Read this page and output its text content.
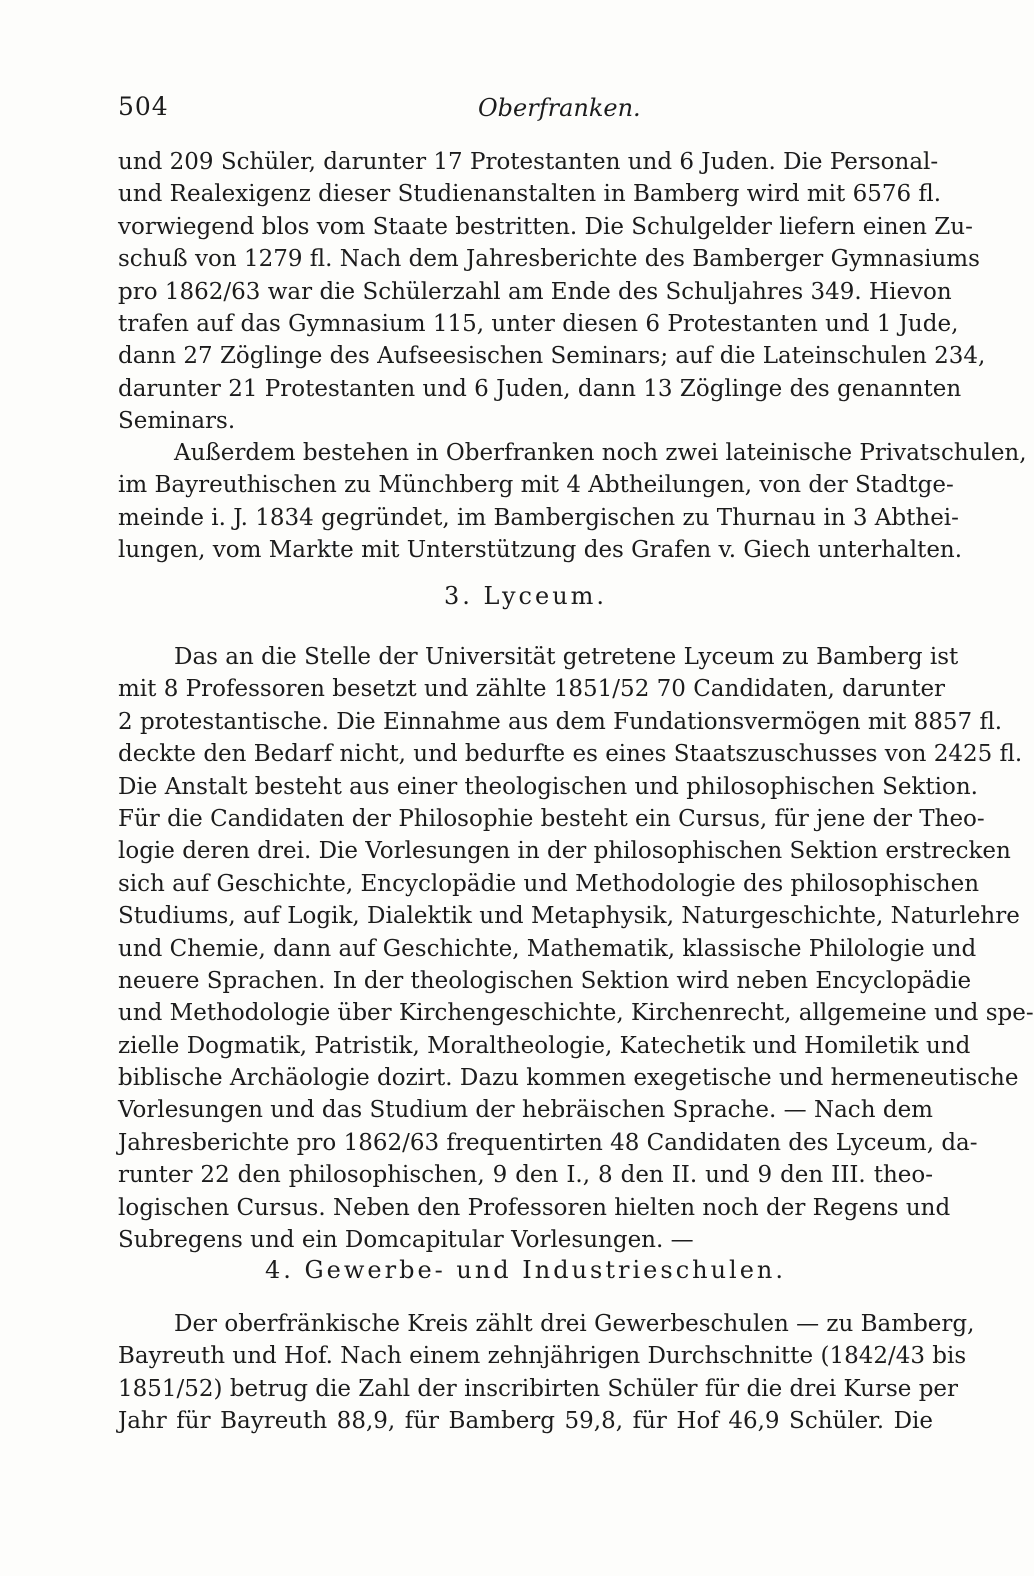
504	Oberfranken.
und 209 Schüler, darunter 17 Protestanten und 6 Juden. Die Personal-
und Realexigenz dieser Studienanstalten in Bamberg wird mit 6576 fl.
vorwiegend blos vom Staate bestritten. Die Schulgelder liefern einen Zu-
schuß von 1279 fl. Nach dem Jahresberichte des Bamberger Gymnasiums
pro 1862/63 war die Schülerzahl am Ende des Schuljahres 349. Hievon
trafen auf das Gymnasium 115, unter diesen 6 Protestanten und 1 Jude,
dann 27 Zöglinge des Aufseesischen Seminars; auf die Lateinschulen 234,
darunter 21 Protestanten und 6 Juden, dann 13 Zöglinge des genannten
Seminars.
Außerdem bestehen in Oberfranken noch zwei lateinische Privatschulen,
im Bayreuthischen zu Münchberg mit 4 Abtheilungen, von der Stadtge-
meinde i. J. 1834 gegründet, im Bambergischen zu Thurnau in 3 Abthei-
lungen, vom Markte mit Unterstützung des Grafen v. Giech unterhalten.
3. Lyceum.
Das an die Stelle der Universität getretene Lyceum zu Bamberg ist
mit 8 Professoren besetzt und zählte 1851/52 70 Candidaten, darunter
2 protestantische. Die Einnahme aus dem Fundationsvermögen mit 8857 fl.
deckte den Bedarf nicht, und bedurfte es eines Staatszuschusses von 2425 fl.
Die Anstalt besteht aus einer theologischen und philosophischen Sektion.
Für die Candidaten der Philosophie besteht ein Cursus, für jene der Theo-
logie deren drei. Die Vorlesungen in der philosophischen Sektion erstrecken
sich auf Geschichte, Encyclopädie und Methodologie des philosophischen
Studiums, auf Logik, Dialektik und Metaphysik, Naturgeschichte, Naturlehre
und Chemie, dann auf Geschichte, Mathematik, klassische Philologie und
neuere Sprachen. In der theologischen Sektion wird neben Encyclopädie
und Methodologie über Kirchengeschichte, Kirchenrecht, allgemeine und spe-
zielle Dogmatik, Patristik, Moraltheologie, Katechetik und Homiletik und
biblische Archäologie dozirt. Dazu kommen exegetische und hermeneutische
Vorlesungen und das Studium der hebräischen Sprache. — Nach dem
Jahresberichte pro 1862/63 frequentirten 48 Candidaten des Lyceum, da-
runter 22 den philosophischen, 9 den I., 8 den II. und 9 den III. theo-
logischen Cursus. Neben den Professoren hielten noch der Regens und
Subregens und ein Domcapitular Vorlesungen. —
4. Gewerbe- und Industrieschulen.
Der oberfränkische Kreis zählt drei Gewerbeschulen — zu Bamberg,
Bayreuth und Hof. Nach einem zehnjährigen Durchschnitte (1842/43 bis
1851/52) betrug die Zahl der inscribirten Schüler für die drei Kurse per
Jahr für Bayreuth 88,9, für Bamberg 59,8, für Hof 46,9 Schüler. Die
